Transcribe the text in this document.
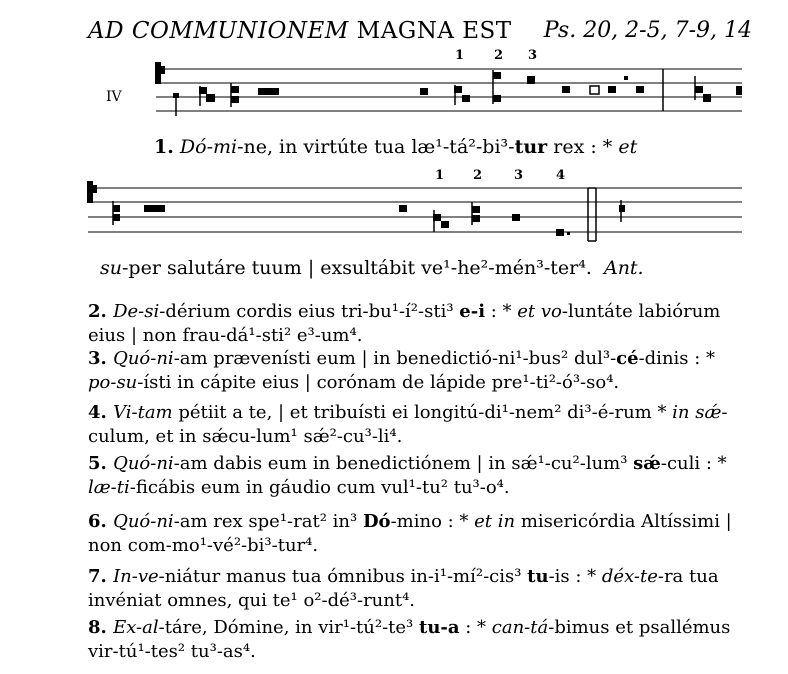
AD COMMUNIONEM MAGNA EST Ps. 20, 2-5, 7-9, 14
IV
1 2 3
1 2 3	4
1. Dó-mi-ne, in virtúte tua læ¹-tá²-bi³-tur rex : * et
su-per salutáre tuum | exsultábit ve¹-he²-mén³-ter⁴. Ant.

2. De-si-dérium cordis eius tri-bu¹-í²-sti³ e-i : * et vo-luntáte labiórum eius | non frau-dá¹-sti² e³-um⁴.

3. Quó-ni-am prævenísti eum | in benedictió-ni¹-bus² dul³-cé-dinis : * po-su-ísti in cápite eius | corónam de lápide pre¹-ti²-ó³-so⁴.

4. Vi-tam pétiit a te, | et tribuísti ei longitú-di¹-nem² di³-é-rum * in sǽ-culum, et in sǽcu-lum¹ sǽ²-cu³-li⁴.

5. Quó-ni-am dabis eum in benedictiónem | in sǽ¹-cu²-lum³ sǽ-culi : * læ-ti-ficábis eum in gáudio cum vul¹-tu² tu³-o⁴.

6. Quó-ni-am rex spe¹-rat² in³ Dó-mino : * et in misericórdia Altíssimi | non com-mo¹-vé²-bi³-tur⁴.

7. In-ve-niátur manus tua ómnibus in-i¹-mí²-cis³ tu-is : * déx-te-ra tua invéniat omnes, qui te¹ o²-dé³-runt⁴.

8. Ex-al-táre, Dómine, in vir¹-tú²-te³ tu-a : * can-tá-bimus et psallémus vir-tú¹-tes² tu³-as⁴.
